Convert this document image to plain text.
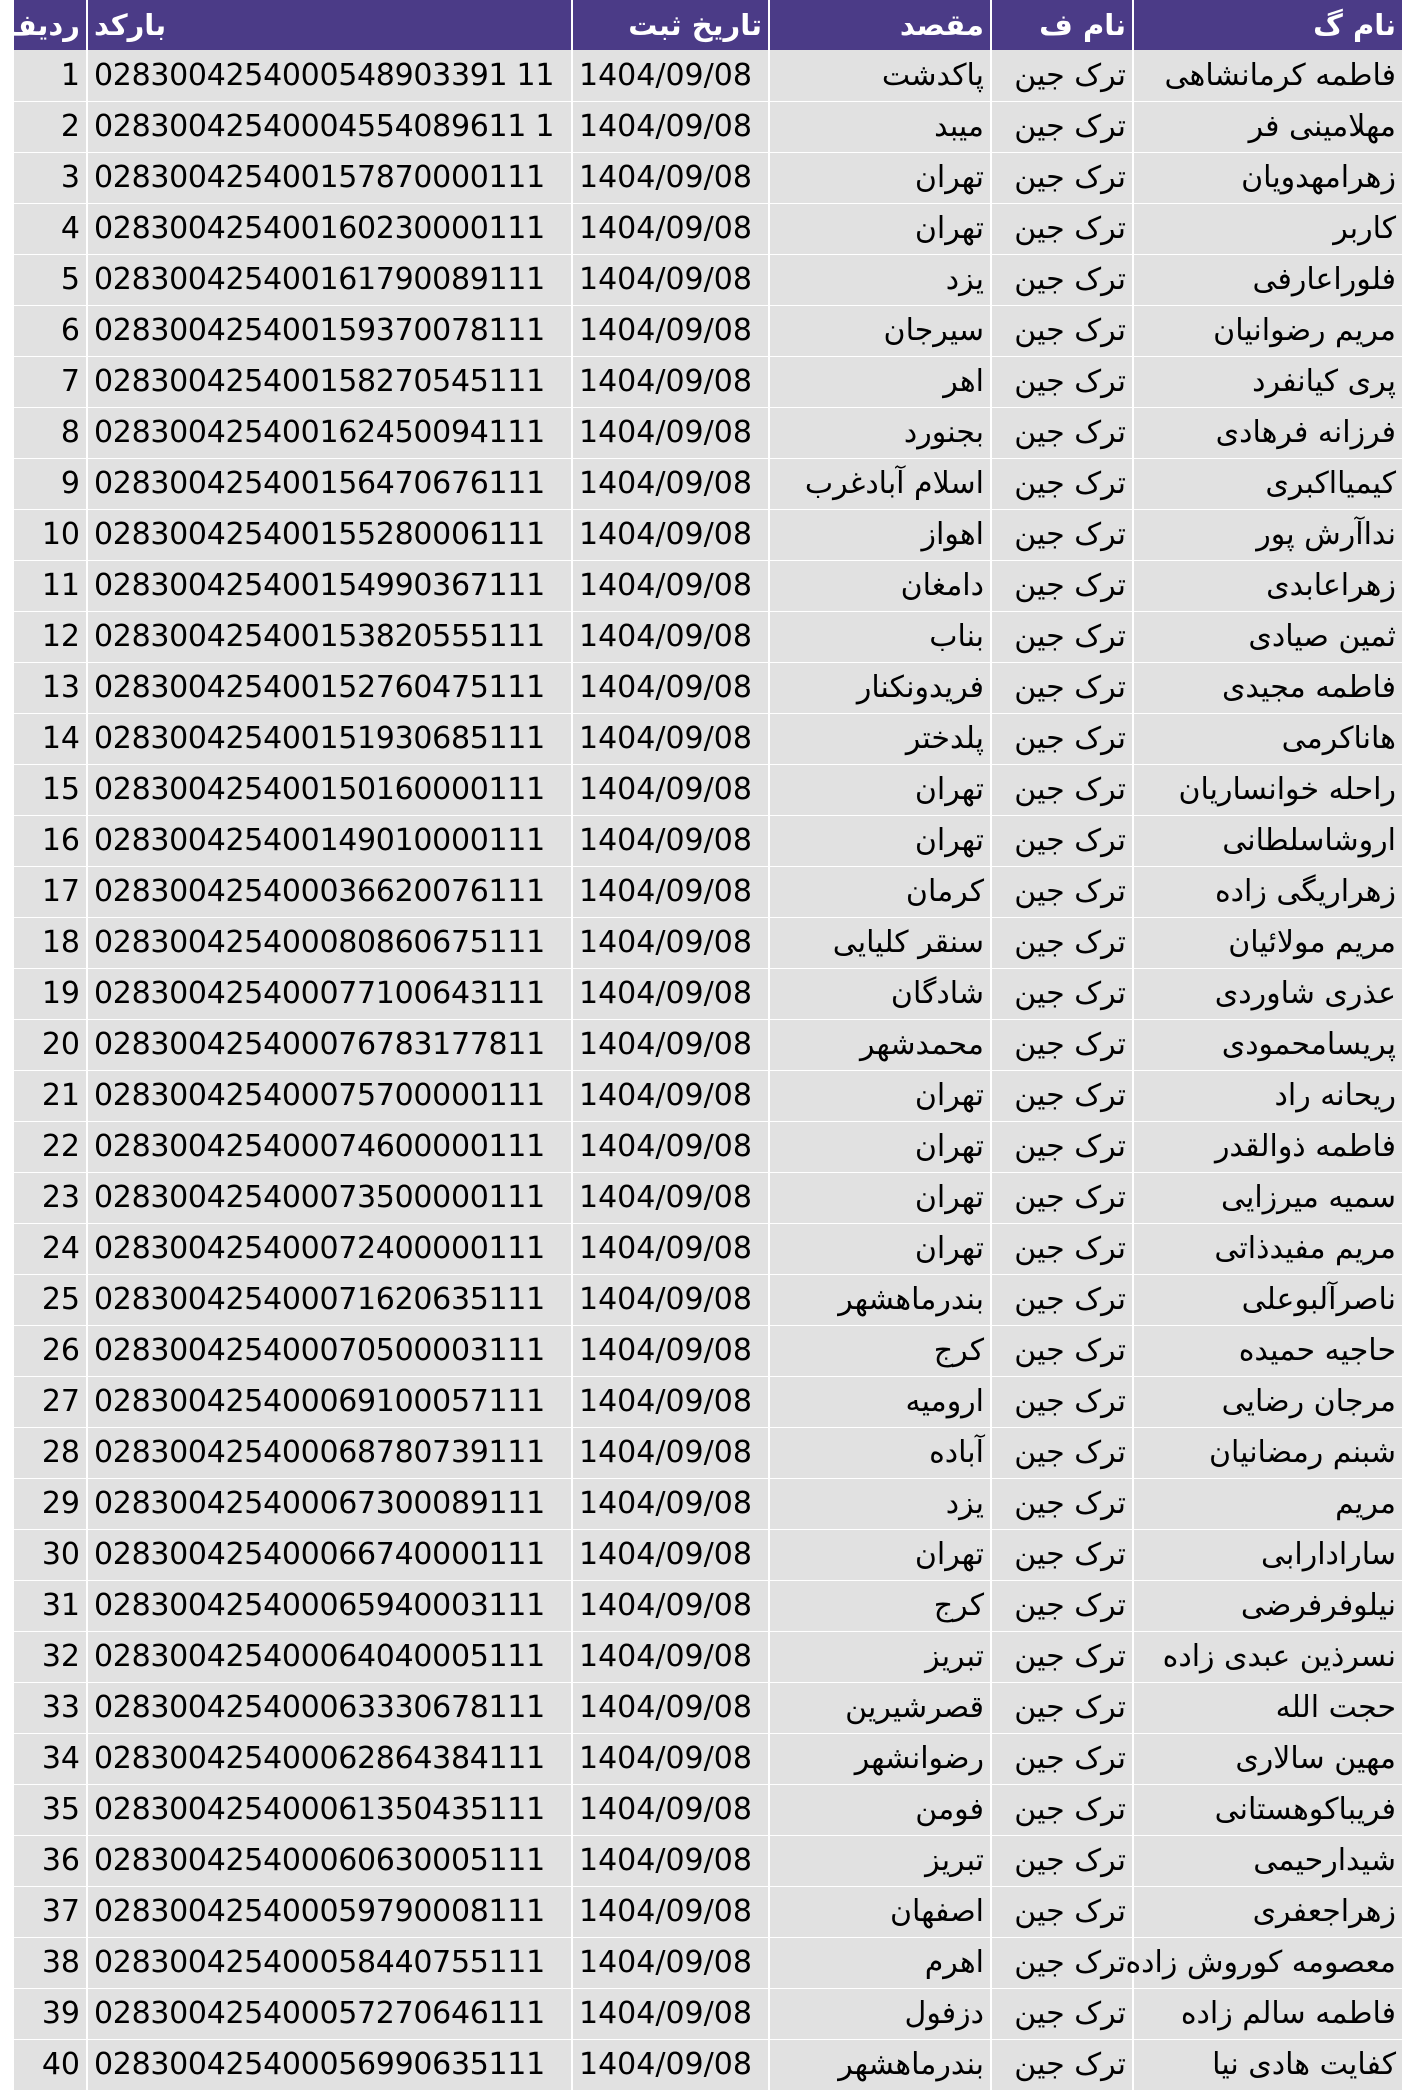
ردیف	بارکد	تاریخ ثبت	مقصد	نام ف	نام گ
1	0283004254000548903391 11	1404/09/08	پاکدشت	ترک جین	فاطمه کرمانشاهی
2	02830042540004554089611 1	1404/09/08	میبد	ترک جین	مهلامینی فر
3	028300425400157870000111	1404/09/08	تهران	ترک جین	زهرامهدویان
4	028300425400160230000111	1404/09/08	تهران	ترک جین	کاربر
5	028300425400161790089111	1404/09/08	یزد	ترک جین	فلوراعارفی
6	028300425400159370078111	1404/09/08	سیرجان	ترک جین	مریم رضوانیان
7	028300425400158270545111	1404/09/08	اهر	ترک جین	پری کیانفرد
8	028300425400162450094111	1404/09/08	بجنورد	ترک جین	فرزانه فرهادی
9	028300425400156470676111	1404/09/08	اسلام آبادغرب	ترک جین	کیمیااکبری
10	028300425400155280006111	1404/09/08	اهواز	ترک جین	نداآرش پور
11	028300425400154990367111	1404/09/08	دامغان	ترک جین	زهراعابدی
12	028300425400153820555111	1404/09/08	بناب	ترک جین	ثمین صیادی
13	028300425400152760475111	1404/09/08	فریدونکنار	ترک جین	فاطمه مجیدی
14	028300425400151930685111	1404/09/08	پلدختر	ترک جین	هاناکرمی
15	028300425400150160000111	1404/09/08	تهران	ترک جین	راحله خوانساریان
16	028300425400149010000111	1404/09/08	تهران	ترک جین	اروشاسلطانی
17	028300425400036620076111	1404/09/08	کرمان	ترک جین	زهراریگی زاده
18	028300425400080860675111	1404/09/08	سنقر کلیایی	ترک جین	مریم مولائیان
19	028300425400077100643111	1404/09/08	شادگان	ترک جین	عذری شاوردی
20	028300425400076783177811	1404/09/08	محمدشهر	ترک جین	پریسامحمودی
21	028300425400075700000111	1404/09/08	تهران	ترک جین	ریحانه راد
22	028300425400074600000111	1404/09/08	تهران	ترک جین	فاطمه ذوالقدر
23	028300425400073500000111	1404/09/08	تهران	ترک جین	سمیه میرزایی
24	028300425400072400000111	1404/09/08	تهران	ترک جین	مریم مفیدذاتی
25	028300425400071620635111	1404/09/08	بندرماهشهر	ترک جین	ناصرآلبوعلی
26	028300425400070500003111	1404/09/08	کرج	ترک جین	حاجیه حمیده
27	028300425400069100057111	1404/09/08	ارومیه	ترک جین	مرجان رضایی
28	028300425400068780739111	1404/09/08	آباده	ترک جین	شبنم رمضانیان
29	028300425400067300089111	1404/09/08	یزد	ترک جین	مریم
30	028300425400066740000111	1404/09/08	تهران	ترک جین	سارادارابی
31	028300425400065940003111	1404/09/08	کرج	ترک جین	نیلوفرفرضی
32	028300425400064040005111	1404/09/08	تبریز	ترک جین	نسرذین عبدی زاده
33	028300425400063330678111	1404/09/08	قصرشیرین	ترک جین	حجت الله
34	028300425400062864384111	1404/09/08	رضوانشهر	ترک جین	مهین سالاری
35	028300425400061350435111	1404/09/08	فومن	ترک جین	فریباکوهستانی
36	028300425400060630005111	1404/09/08	تبریز	ترک جین	شیدارحیمی
37	028300425400059790008111	1404/09/08	اصفهان	ترک جین	زهراجعفری
38	028300425400058440755111	1404/09/08	اهرم	ترک جین	معصومه کوروش زاده
39	028300425400057270646111	1404/09/08	دزفول	ترک جین	فاطمه سالم زاده
40	028300425400056990635111	1404/09/08	بندرماهشهر	ترک جین	کفایت هادی نیا
